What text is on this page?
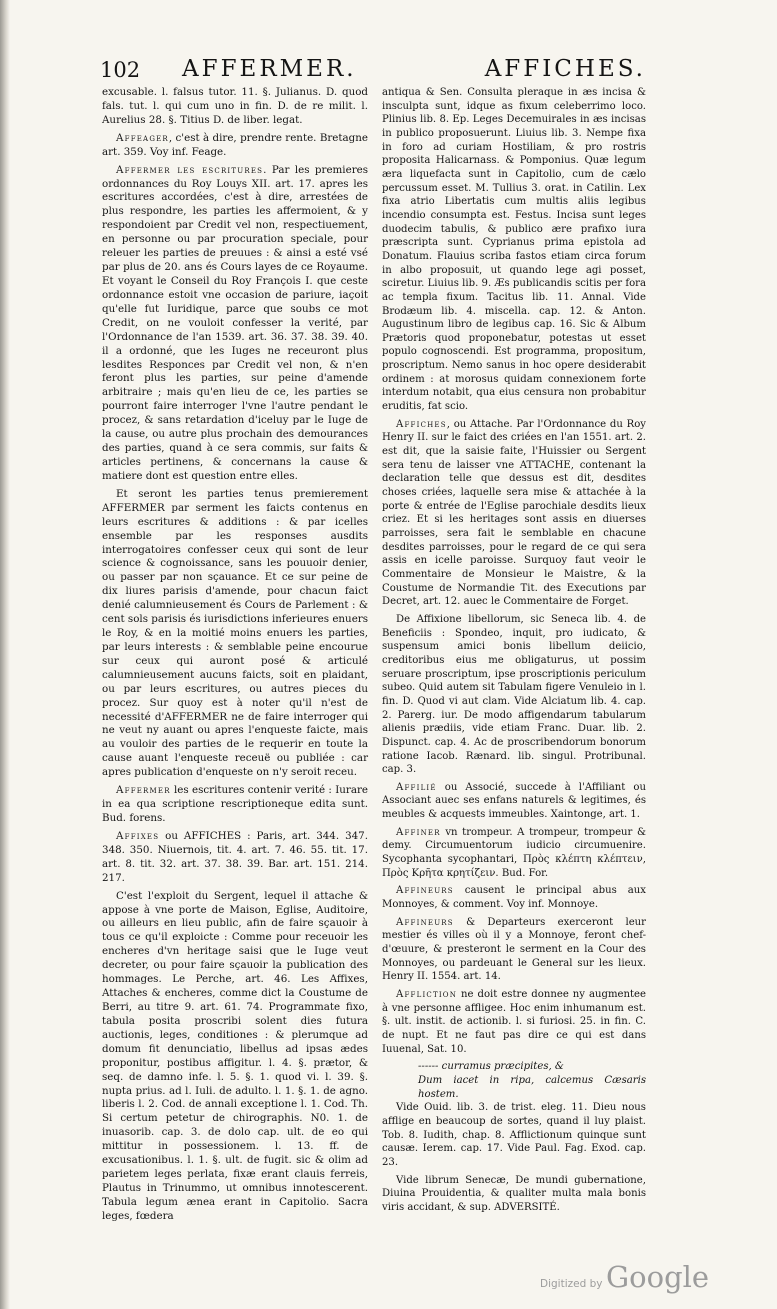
102 AFFERMER.	AFFICHES.

excusable. l. falsus tutor. 11. §. Julianus. D. quod fals. tut. l. qui cum uno in fin. D. de re milit. l. Aurelius 28. §. Titius D. de liber. legat.

Affeager, c'est à dire, prendre rente. Bretagne art. 359. Voy inf. Feage.

Affermer les escritures. Par les premieres ordonnances du Roy Louys XII. art. 17. apres les escritures accordées, c'est à dire, arrestées de plus respondre, les parties les affermoient, & y respondoient par Credit vel non, respectiuement, en personne ou par procuration speciale, pour releuer les parties de preuues : & ainsi a esté vsé par plus de 20. ans és Cours layes de ce Royaume. Et voyant le Conseil du Roy François I. que ceste ordonnance estoit vne occasion de pariure, iaçoit qu'elle fut Iuridique, parce que soubs ce mot Credit, on ne vouloit confesser la verité, par l'Ordonnance de l'an 1539. art. 36. 37. 38. 39. 40. il a ordonné, que les Iuges ne receuront plus lesdites Responces par Credit vel non, & n'en feront plus les parties, sur peine d'amende arbitraire ; mais qu'en lieu de ce, les parties se pourront faire interroger l'vne l'autre pendant le procez, & sans retardation d'iceluy par le Iuge de la cause, ou autre plus prochain des demourances des parties, quand à ce sera commis, sur faits & articles pertinens, & concernans la cause & matiere dont est question entre elles.

Et seront les parties tenus premierement AFFERMER par serment les faicts contenus en leurs escritures & additions : & par icelles ensemble par les responses ausdits interrogatoires confesser ceux qui sont de leur science & cognoissance, sans les pouuoir denier, ou passer par non sçauance. Et ce sur peine de dix liures parisis d'amende, pour chacun faict denié calumnieusement és Cours de Parlement : & cent sols parisis és iurisdictions inferieures enuers le Roy, & en la moitié moins enuers les parties, par leurs interests : & semblable peine encourue sur ceux qui auront posé & articulé calumnieusement aucuns faicts, soit en plaidant, ou par leurs escritures, ou autres pieces du procez. Sur quoy est à noter qu'il n'est de necessité d'AFFERMER ne de faire interroger qui ne veut ny auant ou apres l'enqueste faicte, mais au vouloir des parties de le requerir en toute la cause auant l'enqueste receuë ou publiée : car apres publication d'enqueste on n'y seroit receu.

Affermer les escritures contenir verité : Iurare in ea qua scriptione rescriptioneque edita sunt. Bud. forens.

Affixes ou AFFICHES : Paris, art. 344. 347. 348. 350. Niuernois, tit. 4. art. 7. 46. 55. tit. 17. art. 8. tit. 32. art. 37. 38. 39. Bar. art. 151. 214. 217.

C'est l'exploit du Sergent, lequel il attache & appose à vne porte de Maison, Eglise, Auditoire, ou ailleurs en lieu public, afin de faire sçauoir à tous ce qu'il exploicte : Comme pour receuoir les encheres d'vn heritage saisi que le Iuge veut decreter, ou pour faire sçauoir la publication des hommages. Le Perche, art. 46. Les Affixes, Attaches & encheres, comme dict la Coustume de Berri, au titre 9. art. 61. 74. Programmate fixo, tabula posita proscribi solent dies futura auctionis, leges, conditiones : & plerumque ad domum fit denunciatio, libellus ad ipsas ædes proponitur, postibus affigitur. l. 4. §. prætor, & seq. de damno infe. l. 5. §. 1. quod vi. l. 39. §. nupta prius. ad l. Iuli. de adulto. l. 1. §. 1. de agno. liberis l. 2. Cod. de annali exceptione l. 1. Cod. Th. Si certum petetur de chirographis. N0. 1. de inuasorib. cap. 3. de dolo cap. ult. de eo qui mittitur in possessionem. l. 13. ff. de excusationibus. l. 1. §. ult. de fugit. sic & olim ad parietem leges perlata, fixæ erant clauis ferreis, Plautus in Trinummo, ut omnibus innotescerent. Tabula legum ænea erant in Capitolio. Sacra leges, fœdera

antiqua & Sen. Consulta pleraque in æs incisa & insculpta sunt, idque as fixum celeberrimo loco. Plinius lib. 8. Ep. Leges Decemuirales in æs incisas in publico proposuerunt. Liuius lib. 3. Nempe fixa in foro ad curiam Hostiliam, & pro rostris proposita Halicarnass. & Pomponius. Quæ legum æra liquefacta sunt in Capitolio, cum de cælo percussum esset. M. Tullius 3. orat. in Catilin. Lex fixa atrio Libertatis cum multis aliis legibus incendio consumpta est. Festus. Incisa sunt leges duodecim tabulis, & publico ære prafixo iura præscripta sunt. Cyprianus prima epistola ad Donatum. Flauius scriba fastos etiam circa forum in albo proposuit, ut quando lege agi posset, sciretur. Liuius lib. 9. Æs publicandis scitis per fora ac templa fixum. Tacitus lib. 11. Annal. Vide Brodæum lib. 4. miscella. cap. 12. & Anton. Augustinum libro de legibus cap. 16. Sic & Album Prætoris quod proponebatur, potestas ut esset populo cognoscendi. Est programma, propositum, proscriptum. Nemo sanus in hoc opere desiderabit ordinem : at morosus quidam connexionem forte interdum notabit, qua eius censura non probabitur eruditis, fat scio.

Affiches, ou Attache. Par l'Ordonnance du Roy Henry II. sur le faict des criées en l'an 1551. art. 2. est dit, que la saisie faite, l'Huissier ou Sergent sera tenu de laisser vne ATTACHE, contenant la declaration telle que dessus est dit, desdites choses criées, laquelle sera mise & attachée à la porte & entrée de l'Eglise parochiale desdits lieux criez. Et si les heritages sont assis en diuerses parroisses, sera fait le semblable en chacune desdites parroisses, pour le regard de ce qui sera assis en icelle paroisse. Surquoy faut veoir le Commentaire de Monsieur le Maistre, & la Coustume de Normandie Tit. des Executions par Decret, art. 12. auec le Commentaire de Forget.

De Affixione libellorum, sic Seneca lib. 4. de Beneficiis : Spondeo, inquit, pro iudicato, & suspensum amici bonis libellum deiicio, creditoribus eius me obligaturus, ut possim seruare proscriptum, ipse proscriptionis periculum subeo. Quid autem sit Tabulam figere Venuleio in l. fin. D. Quod vi aut clam. Vide Alciatum lib. 4. cap. 2. Parerg. iur. De modo affigendarum tabularum alienis prædiis, vide etiam Franc. Duar. lib. 2. Dispunct. cap. 4. Ac de proscribendorum bonorum ratione Iacob. Rænard. lib. singul. Protribunal. cap. 3.

Affilié ou Associé, succede à l'Affiliant ou Associant auec ses enfans naturels & legitimes, és meubles & acquests immeubles. Xaintonge, art. 1.

Affiner vn trompeur. A trompeur, trompeur & demy. Circumuentorum iudicio circumuenire. Sycophanta sycophantari, Πρὸς κλέπτη κλέπτειν, Πρὸς Κρῆτα κρητίζειν. Bud. For.

Affineurs causent le principal abus aux Monnoyes, & comment. Voy inf. Monnoye.

Affineurs & Departeurs exerceront leur mestier és villes où il y a Monnoye, feront chef-d'œuure, & presteront le serment en la Cour des Monnoyes, ou pardeuant le General sur les lieux. Henry II. 1554. art. 14.

Affliction ne doit estre donnee ny augmentee à vne personne affligee. Hoc enim inhumanum est. §. ult. instit. de actionib. l. si furiosi. 25. in fin. C. de nupt. Et ne faut pas dire ce qui est dans Iuuenal, Sat. 10.

------ curramus præcipites, &

Dum iacet in ripa, calcemus Cæsaris hostem.

Vide Ouid. lib. 3. de trist. eleg. 11. Dieu nous afflige en beaucoup de sortes, quand il luy plaist. Tob. 8. Iudith, chap. 8. Afflictionum quinque sunt causæ. Ierem. cap. 17. Vide Paul. Fag. Exod. cap. 23.

Vide librum Senecæ, De mundi gubernatione, Diuina Prouidentia, & qualiter multa mala bonis viris accidant, & sup. ADVERSITÉ.

Digitized by Google
